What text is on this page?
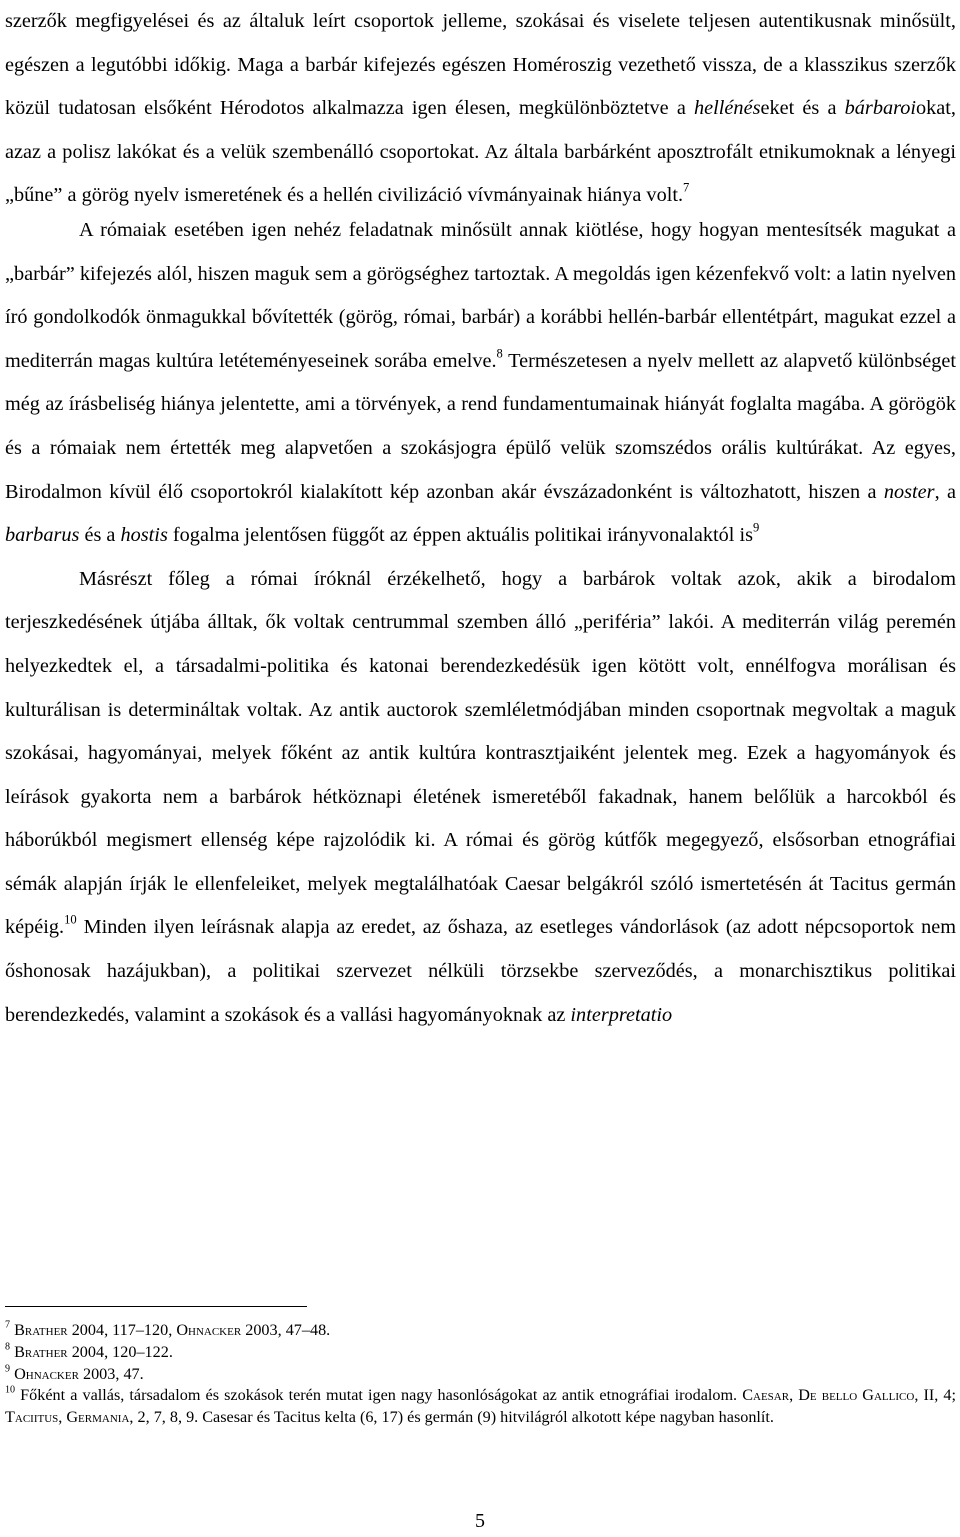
szerzők megfigyelései és az általuk leírt csoportok jelleme, szokásai és viselete teljesen autentikusnak minősült, egészen a legutóbbi időkig. Maga a barbár kifejezés egészen Homéroszig vezethető vissza, de a klasszikus szerzők közül tudatosan elsőként Hérodotos alkalmazza igen élesen, megkülönböztetve a hellénéseket és a bárbaroiokat, azaz a polisz lakókat és a velük szembenálló csoportokat. Az általa barbárként aposztrofált etnikumoknak a lényegi „bűne” a görög nyelv ismeretének és a hellén civilizáció vívmányainak hiánya volt.$^7$

A rómaiak esetében igen nehéz feladatnak minősült annak kiötlése, hogy hogyan mentesítsék magukat a „barbár” kifejezés alól, hiszen maguk sem a görögséghez tartoztak. A megoldás igen kézenfekvő volt: a latin nyelven író gondolkodók önmagukkal bővítették (görög, római, barbár) a korábbi hellén-barbár ellentétpárt, magukat ezzel a mediterrán magas kultúra letéteményeseinek sorába emelve.$^8$ Természetesen a nyelv mellett az alapvető különbséget még az írásbeliség hiánya jelentette, ami a törvények, a rend fundamentumainak hiányát foglalta magába. A görögök és a rómaiak nem értették meg alapvetően a szokásjogra épülő velük szomszédos orális kultúrákat. Az egyes, Birodalmon kívül élő csoportokról kialakított kép azonban akár évszázadonként is változhatott, hiszen a noster, a barbarus és a hostis fogalma jelentősen függőt az éppen aktuális politikai irányvonalaktól $is^9$

Másrészt főleg a római íróknál érzékelhető, hogy a barbárok voltak azok, akik a birodalom terjeszkedésének útjába álltak, ők voltak centrummal szemben álló „periféria” lakói. A mediterrán világ peremén helyezkedtek el, a társadalmi-politika és katonai berendezkedésük igen kötött volt, ennélfogva morálisan és kulturálisan is determináltak voltak. Az antik auctorok szemléletmódjában minden csoportnak megvoltak a maguk szokásai, hagyományai, melyek főként az antik kultúra kontrasztjaiként jelentek meg. Ezek a hagyományok és leírások gyakorta nem a barbárok hétköznapi életének ismeretéből fakadnak, hanem belőlük a harcokból és háborúkból megismert ellenség képe rajzolódik ki. A római és görög kútfők megegyező, elsősorban etnográfiai sémák alapján írják le ellenfeleiket, melyek megtalálhatóak Caesar belgákról szóló ismertetésén át Tacitus germán képéig.$^{10}$ Minden ilyen leírásnak alapja az eredet, az őshaza, az esetleges vándorlások (az adott népcsoportok nem őshonosak hazájukban), a politikai szervezet nélküli törzsekbe szerveződés, a monarchisztikus politikai berendezkedés, valamint a szokások és a vallási hagyományoknak az interpretatio

$^7$ Brather 2004, 117–120, Ohnacker 2003, 47–48.

$^8$ Brather 2004, 120–122.

$^9$ Ohnacker 2003, 47.

$^{10}$ Főként a vallás, társadalom és szokások terén mutat igen nagy hasonlóságokat az antik etnográfiai irodalom. Caesar, De bello Gallico, II, 4; Taciitus, Germania, 2, 7, 8, 9. Casesar és Tacitus kelta (6, 17) és germán (9) hitvilágról alkotott képe nagyban hasonlít.

5
